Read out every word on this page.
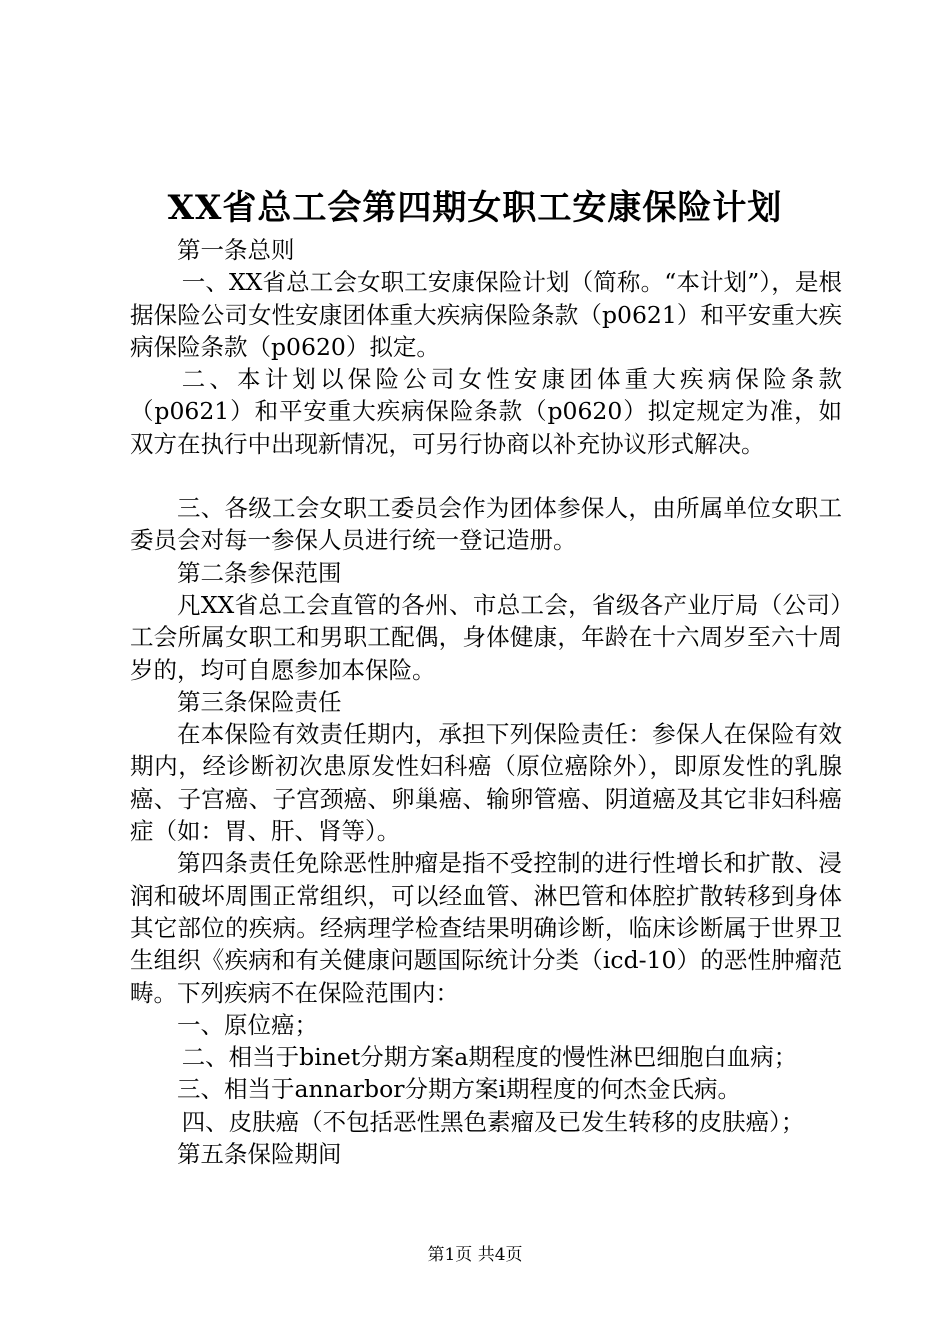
XX省总工会第四期女职工安康保险计划

第一条总则

一、XX省总工会女职工安康保险计划（简称。“本计划”），是根据保险公司女性安康团体重大疾病保险条款（p0621）和平安重大疾病保险条款（p0620）拟定。

二、本计划以保险公司女性安康团体重大疾病保险条款（p0621）和平安重大疾病保险条款（p0620）拟定规定为准，如双方在执行中出现新情况，可另行协商以补充协议形式解决。

三、各级工会女职工委员会作为团体参保人，由所属单位女职工委员会对每一参保人员进行统一登记造册。

第二条参保范围

凡XX省总工会直管的各州、市总工会，省级各产业厅局（公司）工会所属女职工和男职工配偶，身体健康，年龄在十六周岁至六十周岁的，均可自愿参加本保险。

第三条保险责任

在本保险有效责任期内，承担下列保险责任：参保人在保险有效期内，经诊断初次患原发性妇科癌（原位癌除外），即原发性的乳腺癌、子宫癌、子宫颈癌、卵巢癌、输卵管癌、阴道癌及其它非妇科癌症（如：胃、肝、肾等）。

第四条责任免除恶性肿瘤是指不受控制的进行性增长和扩散、浸润和破坏周围正常组织，可以经血管、淋巴管和体腔扩散转移到身体其它部位的疾病。经病理学检查结果明确诊断，临床诊断属于世界卫生组织《疾病和有关健康问题国际统计分类（icd-10）的恶性肿瘤范畴。下列疾病不在保险范围内：

一、原位癌；

二、相当于binet分期方案a期程度的慢性淋巴细胞白血病；

三、相当于annarbor分期方案i期程度的何杰金氏病。

四、皮肤癌（不包括恶性黑色素瘤及已发生转移的皮肤癌）；

第五条保险期间

第1页 共4页
